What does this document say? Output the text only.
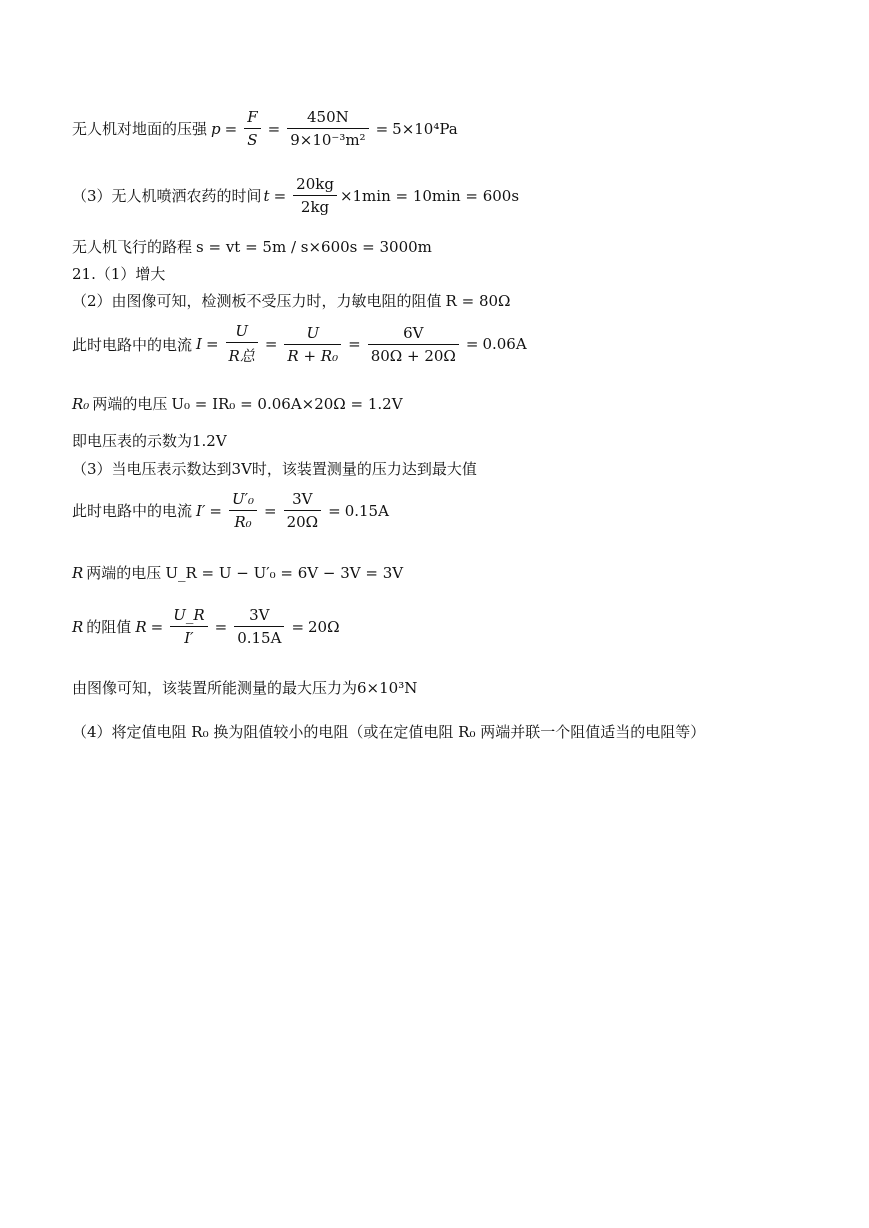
无人机对地面的压强 $p = \frac{F}{S} = \frac{450N}{\text{9×10⁻³m²}} = 5\times 10^4Pa$
（3）无人机喷洒农药的时间 $t = \frac{20kg}{2kg} \times 1\min = 10\min = 600s$
无人机飞行的路程 s = vt = 5m / s×600s = 3000m
21.（1）增大
（2）由图像可知，检测板不受压力时，力敏电阻的阻值 R = 80Ω
此时电路中的电流 $I = \frac{U}{\text{R总}} = \frac{U}{\text{R + R₀}} = \frac{6V}{80\Omega + 20\Omega} = 0.06A$
R₀ 两端的电压 U₀ = IR₀ = 0.06A×20Ω = 1.2V
即电压表的示数为1.2V
（3）当电压表示数达到3V时，该装置测量的压力达到最大值
此时电路中的电流 $I' = \frac{\text{U′₀}}{\text{R₀}} = \frac{3V}{20\Omega} = 0.15A$
R 两端的电压 U_R = U − U′₀ = 6V − 3V = 3V
R 的阻值 $R = \frac{U\_R}{I'} = \frac{3V}{0.15A} = 20\Omega$
由图像可知，该装置所能测量的最大压力为6×10³N
（4）将定值电阻 R₀ 换为阻值较小的电阻（或在定值电阻 R₀ 两端并联一个阻值适当的电阻等）
